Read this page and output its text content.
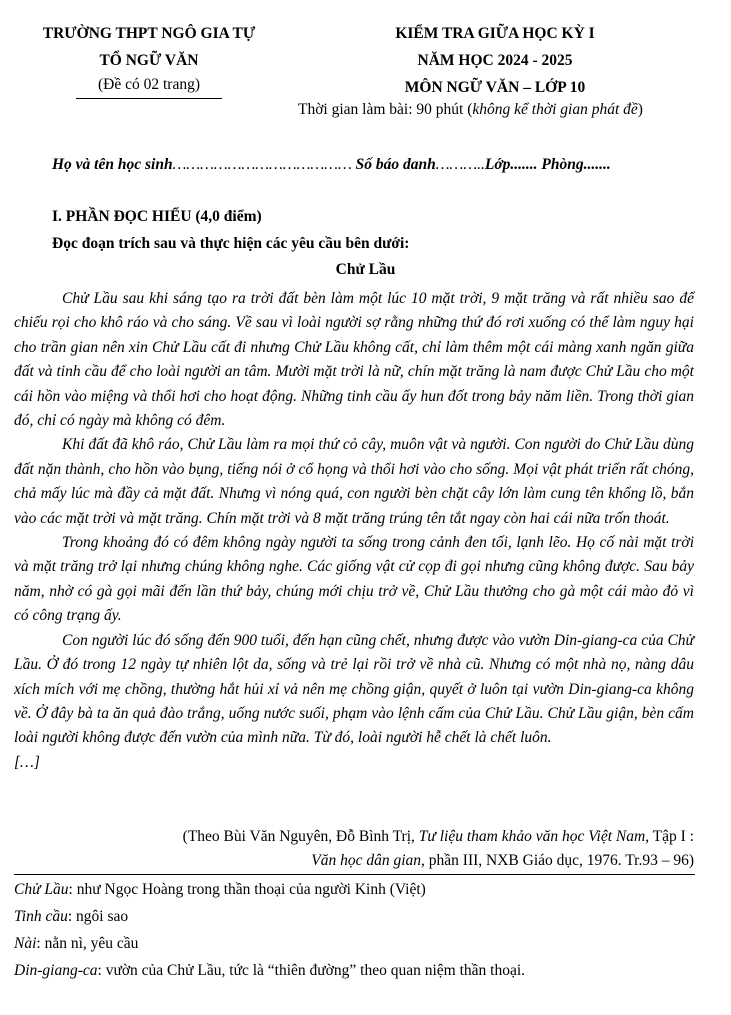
TRƯỜNG THPT NGÔ GIA TỰ
TỔ NGỮ VĂN
(Đề có 02 trang)
KIỂM TRA GIỮA HỌC KỲ I
NĂM HỌC 2024 - 2025
MÔN NGỮ VĂN – LỚP 10
Thời gian làm bài: 90 phút (không kể thời gian phát đề)
Họ và tên học sinh………………………………… Số báo danh………..Lớp....... Phòng.......
I. PHẦN ĐỌC HIỂU (4,0 điểm)
Đọc đoạn trích sau và thực hiện các yêu cầu bên dưới:
Chử Lầu

Chử Lầu sau khi sáng tạo ra trời đất bèn làm một lúc 10 mặt trời, 9 mặt trăng và rất nhiều sao để chiếu rọi cho khô ráo và cho sáng. Về sau vì loài người sợ rằng những thứ đó rơi xuống có thể làm nguy hại cho trần gian nên xin Chử Lầu cất đi nhưng Chử Lầu không cất, chỉ làm thêm một cái màng xanh ngăn giữa đất và tinh cầu để cho loài người an tâm. Mười mặt trời là nữ, chín mặt trăng là nam được Chử Lầu cho một cái hồn vào miệng và thổi hơi cho hoạt động. Những tinh cầu ấy hun đốt trong bảy năm liền. Trong thời gian đó, chỉ có ngày mà không có đêm.

Khi đất đã khô ráo, Chử Lầu làm ra mọi thứ cỏ cây, muôn vật và người. Con người do Chử Lầu dùng đất nặn thành, cho hồn vào bụng, tiếng nói ở cổ họng và thổi hơi vào cho sống. Mọi vật phát triển rất chóng, chả mấy lúc mà đầy cả mặt đất. Nhưng vì nóng quá, con người bèn chặt cây lớn làm cung tên khổng lồ, bắn vào các mặt trời và mặt trăng. Chín mặt trời và 8 mặt trăng trúng tên tắt ngay còn hai cái nữa trốn thoát.

Trong khoảng đó có đêm không ngày người ta sống trong cảnh đen tối, lạnh lẽo. Họ cố nài mặt trời và mặt trăng trở lại nhưng chúng không nghe. Các giống vật cử cọp đi gọi nhưng cũng không được. Sau bảy năm, nhờ có gà gọi mãi đến lần thứ bảy, chúng mới chịu trở về, Chử Lầu thưởng cho gà một cái mào đỏ vì có công trạng ấy.

Con người lúc đó sống đến 900 tuổi, đến hạn cũng chết, nhưng được vào vườn Din-giang-ca của Chử Lầu. Ở đó trong 12 ngày tự nhiên lột da, sống và trẻ lại rồi trở về nhà cũ. Nhưng có một nhà nọ, nàng dâu xích mích với mẹ chồng, thường hắt hủi xỉ vả nên mẹ chồng giận, quyết ở luôn tại vườn Din-giang-ca không về. Ở đây bà ta ăn quả đào trắng, uống nước suối, phạm vào lệnh cấm của Chử Lầu. Chử Lầu giận, bèn cấm loài người không được đến vườn của mình nữa. Từ đó, loài người hễ chết là chết luôn.

[…]

(Theo Bùi Văn Nguyên, Đỗ Bình Trị, Tư liệu tham khảo văn học Việt Nam, Tập I :
Văn học dân gian, phần III, NXB Giáo dục, 1976. Tr.93 – 96)
Chử Lầu: như Ngọc Hoàng trong thần thoại của người Kinh (Việt)
Tinh cầu: ngôi sao
Nài: nằn nì, yêu cầu
Din-giang-ca: vườn của Chử Lầu, tức là “thiên đường” theo quan niệm thần thoại.
